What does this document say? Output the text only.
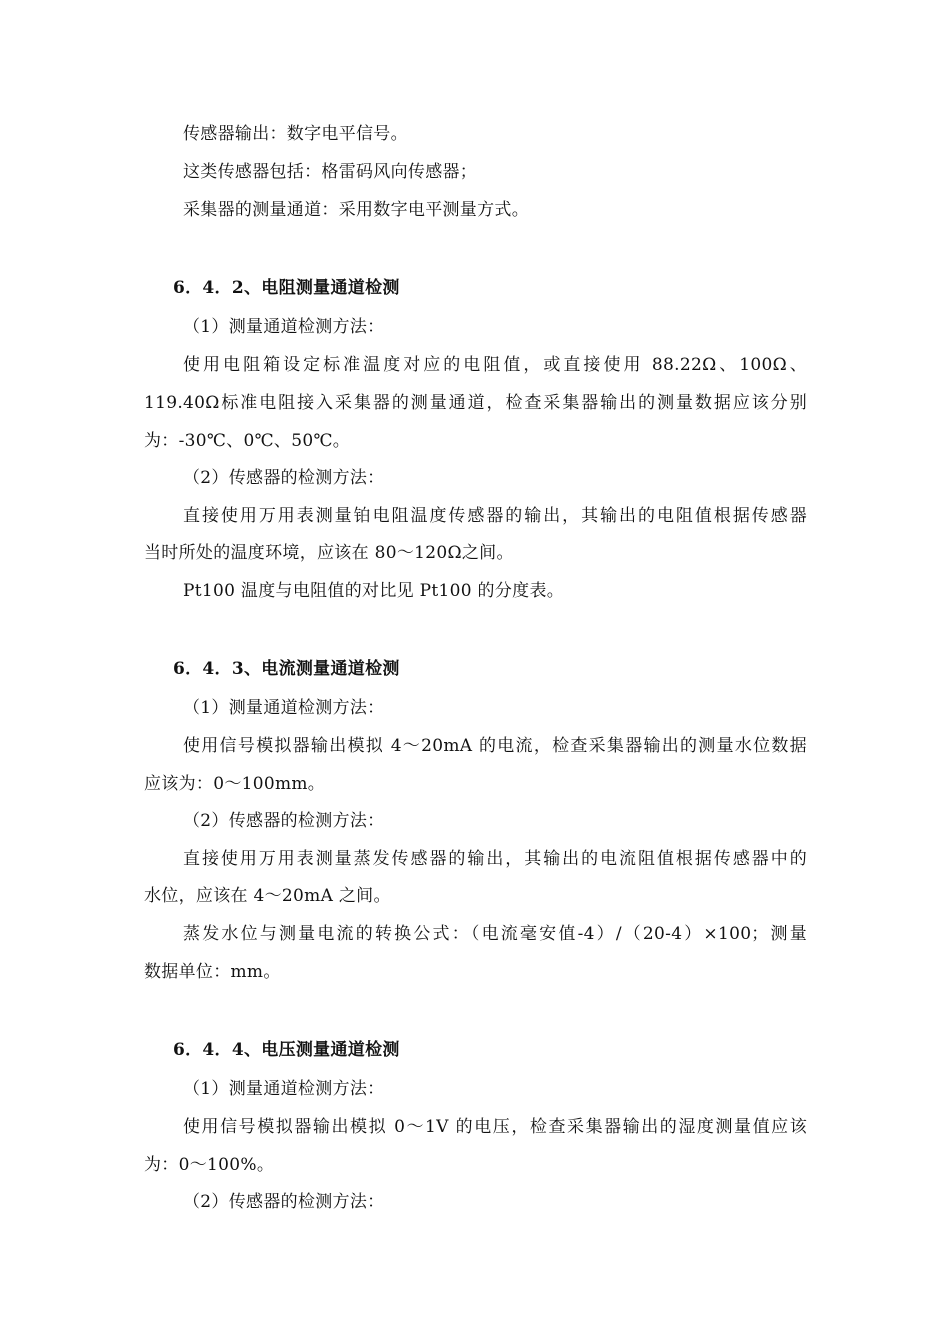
传感器输出：数字电平信号。
这类传感器包括：格雷码风向传感器；
采集器的测量通道：采用数字电平测量方式。
6．4．2、电阻测量通道检测
（1）测量通道检测方法：
使用电阻箱设定标准温度对应的电阻值，或直接使用 88.22Ω、100Ω、
119.40Ω标准电阻接入采集器的测量通道，检查采集器输出的测量数据应该分别
为：-30℃、0℃、50℃。
（2）传感器的检测方法：
直接使用万用表测量铂电阻温度传感器的输出，其输出的电阻值根据传感器
当时所处的温度环境，应该在 80～120Ω之间。
Pt100 温度与电阻值的对比见 Pt100 的分度表。
6．4．3、电流测量通道检测
（1）测量通道检测方法：
使用信号模拟器输出模拟 4～20mA 的电流，检查采集器输出的测量水位数据
应该为：0～100mm。
（2）传感器的检测方法：
直接使用万用表测量蒸发传感器的输出，其输出的电流阻值根据传感器中的
水位，应该在 4～20mA 之间。
蒸发水位与测量电流的转换公式：（电流毫安值-4）/（20-4）×100；测量
数据单位：mm。
6．4．4、电压测量通道检测
（1）测量通道检测方法：
使用信号模拟器输出模拟 0～1V 的电压，检查采集器输出的湿度测量值应该
为：0～100%。
（2）传感器的检测方法：
